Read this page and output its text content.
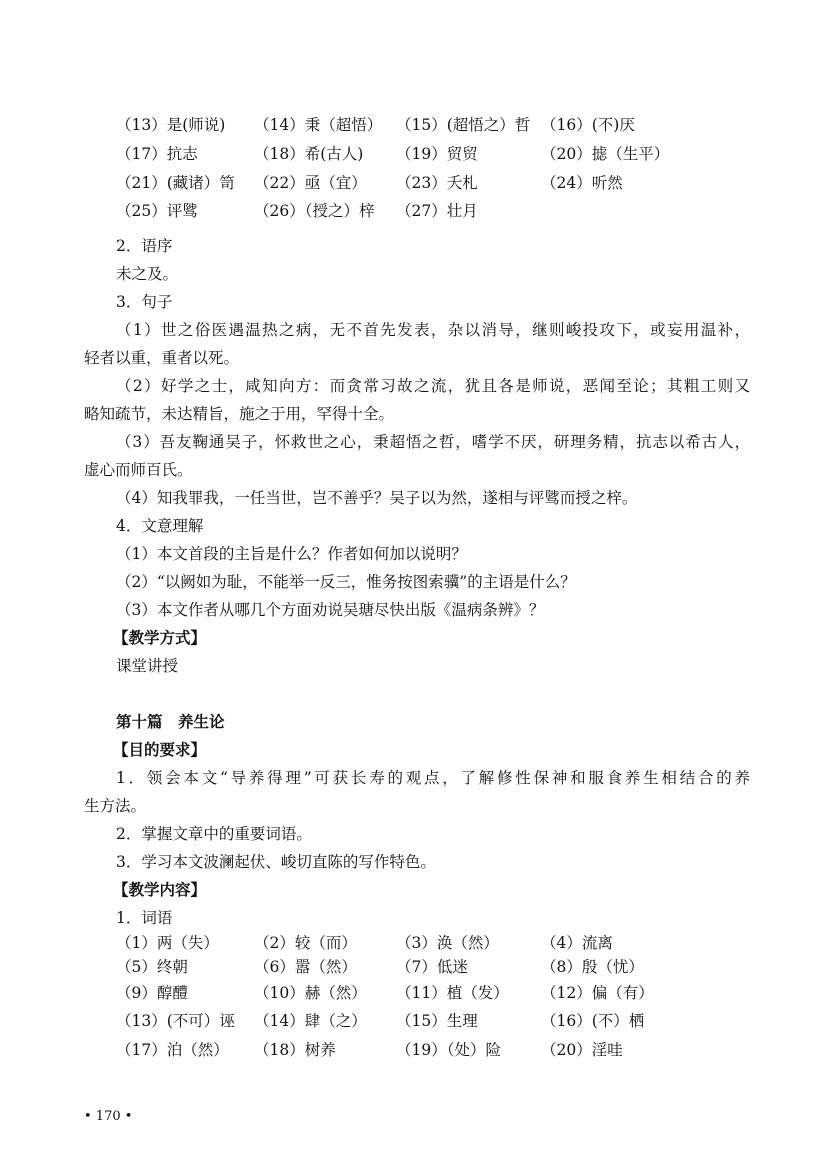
（13）是(师说) （14）秉（超悟） （15）(超悟之）哲 （16）(不)厌
（17）抗志	（18）希(古人) （19）贸贸	（20）摅（生平）
（21）(藏诸）笥 （22）亟（宜） （23）夭札	（24）听然
（25）评骘	（26）（授之）梓 （27）壮月
2．语序
未之及。
3．句子
（1）世之俗医遇温热之病，无不首先发表，杂以消导，继则峻投攻下，或妄用温补，
轻者以重，重者以死。
（2）好学之士，咸知向方：而贪常习故之流，犹且各是师说，恶闻至论；其粗工则又
略知疏节，未达精旨，施之于用，罕得十全。
（3）吾友鞠通吴子，怀救世之心，秉超悟之哲，嗜学不厌，研理务精，抗志以希古人，
虚心而师百氏。
（4）知我罪我，一任当世，岂不善乎？吴子以为然，遂相与评骘而授之梓。
4．文意理解
（1）本文首段的主旨是什么？作者如何加以说明？
（2）“以阙如为耻，不能举一反三，惟务按图索骥”的主语是什么？
（3）本文作者从哪几个方面劝说吴瑭尽快出版《温病条辨》？
【教学方式】
课堂讲授
第十篇　养生论
【目的要求】
1．领会本文“导养得理”可获长寿的观点，了解修性保神和服食养生相结合的养
生方法。
2．掌握文章中的重要词语。
3．学习本文波澜起伏、峻切直陈的写作特色。
【教学内容】
1．词语
（1）两（失） （2）较（而）	（3）涣（然）	（4）流离
（5）终朝	（6）嚣（然）	（7）低迷	（8）殷（忧）
（9）醇醴	（10）赫（然） （11）植（发） （12）偏（有）
（13）(不可）诬 （14）肆（之） （15）生理	（16）(不）栖
（17）泊（然） （18）树养	（19）（处）险	（20）淫哇
• 170 •
